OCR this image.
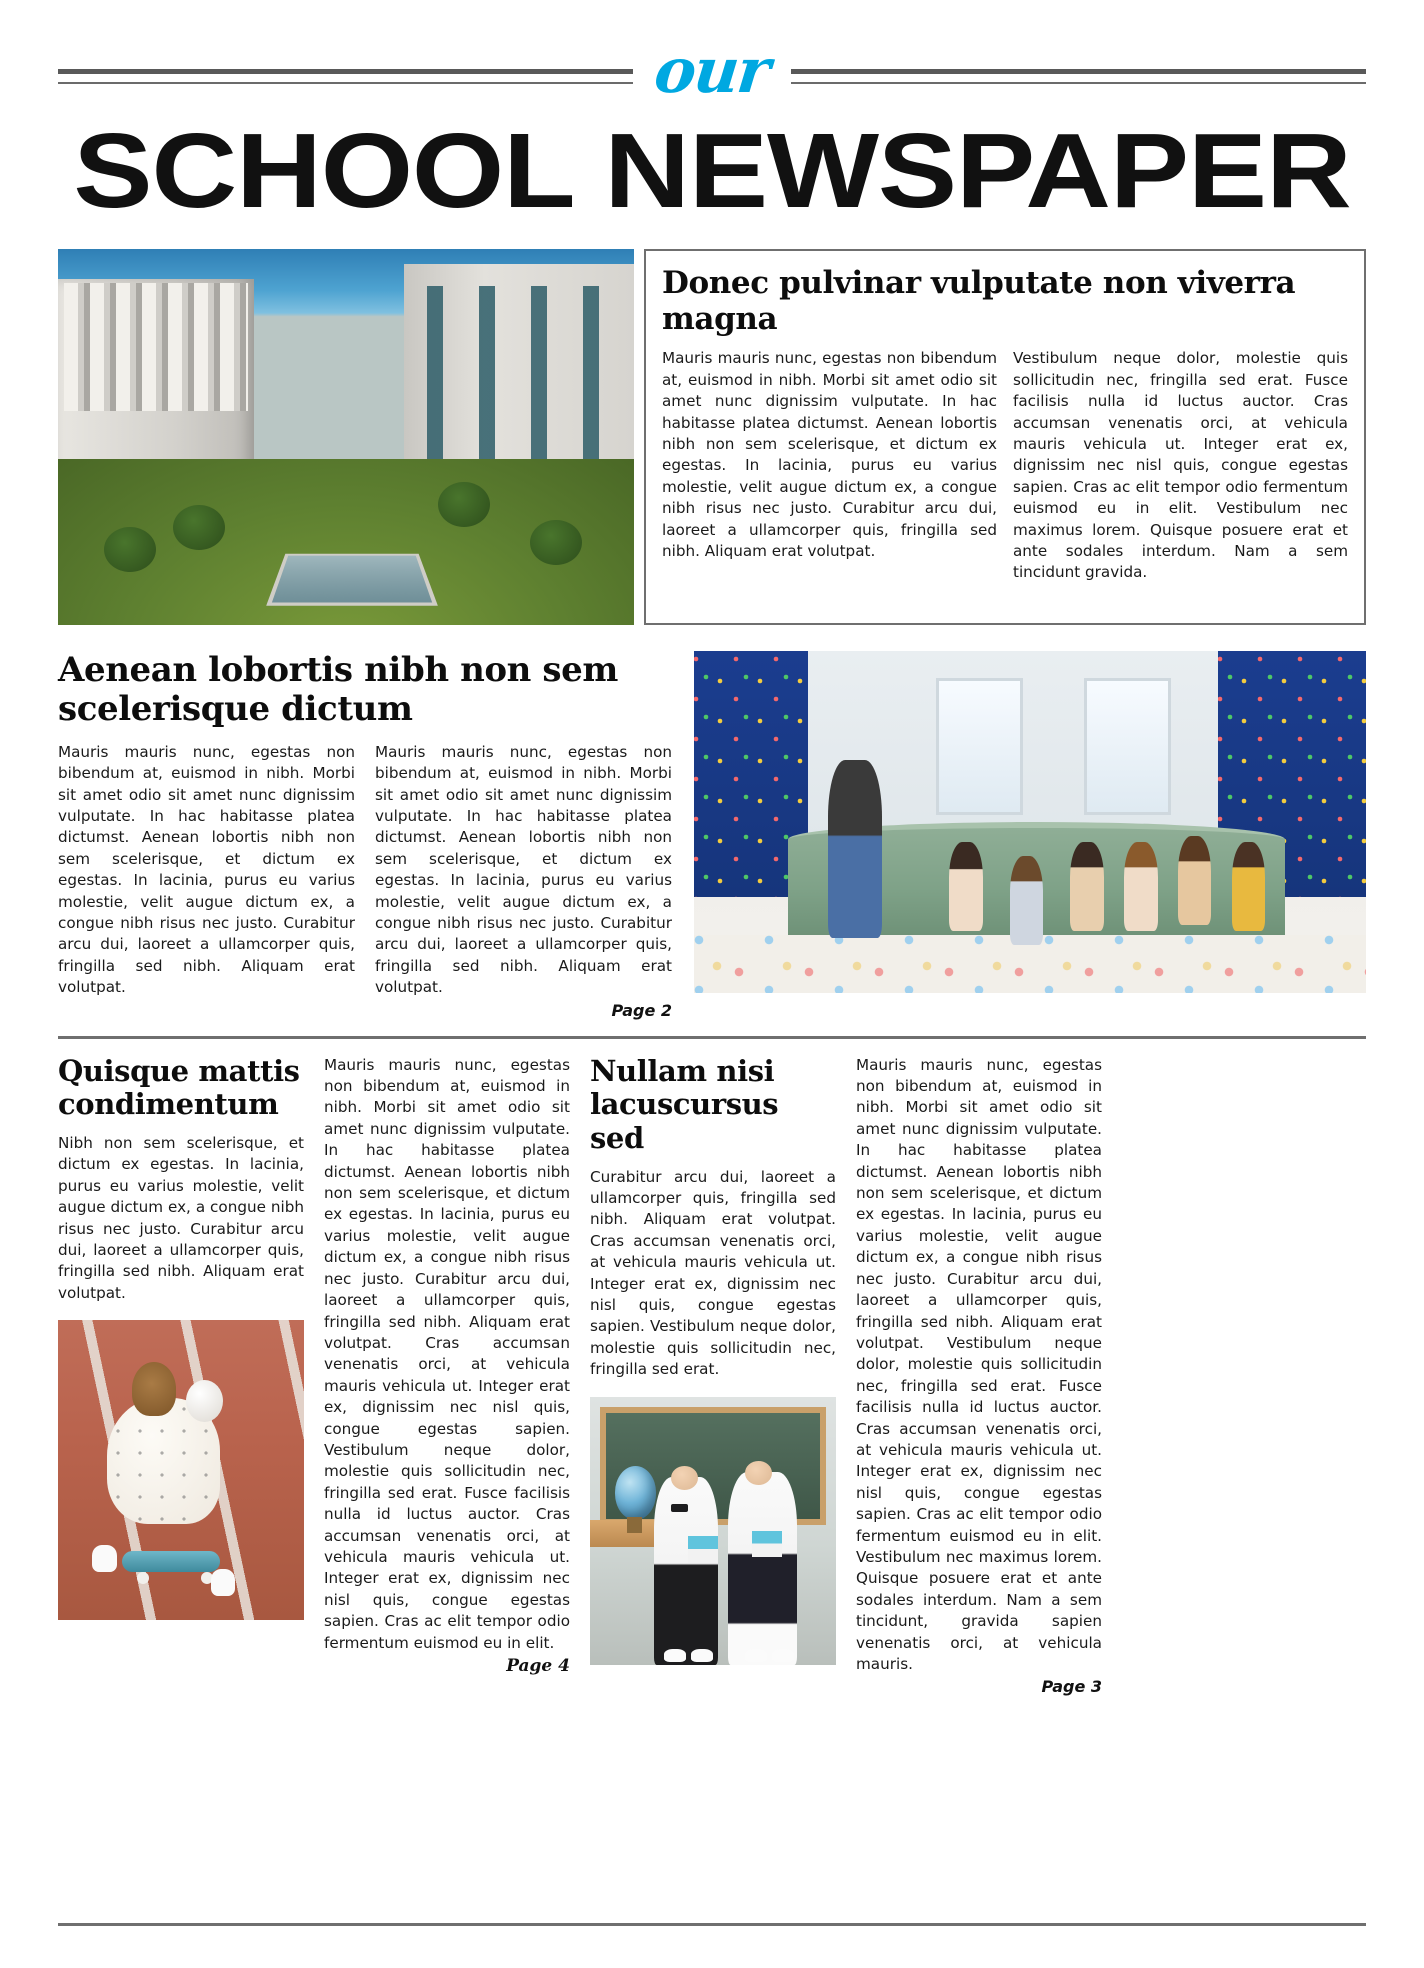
our
SCHOOL NEWSPAPER
Donec pulvinar vulputate non viverra magna
Mauris mauris nunc, egestas non bibendum at, euismod in nibh. Morbi sit amet odio sit amet nunc dignissim vulputate. In hac habitasse platea dictumst. Aenean lobortis nibh non sem scelerisque, et dictum ex egestas. In lacinia, purus eu varius molestie, velit augue dictum ex, a congue nibh risus nec justo. Curabitur arcu dui, laoreet a ullamcorper quis, fringilla sed nibh. Aliquam erat volutpat.
Vestibulum neque dolor, molestie quis sollicitudin nec, fringilla sed erat. Fusce facilisis nulla id luctus auctor. Cras accumsan venenatis orci, at vehicula mauris vehicula ut. Integer erat ex, dignissim nec nisl quis, congue egestas sapien. Cras ac elit tempor odio fermentum euismod eu in elit. Vestibulum nec maximus lorem. Quisque posuere erat et ante sodales interdum. Nam a sem tincidunt gravida.
Aenean lobortis nibh non sem scelerisque dictum
Mauris mauris nunc, egestas non bibendum at, euismod in nibh. Morbi sit amet odio sit amet nunc dignissim vulputate. In hac habitasse platea dictumst. Aenean lobortis nibh non sem scelerisque, et dictum ex egestas. In lacinia, purus eu varius molestie, velit augue dictum ex, a congue nibh risus nec justo. Curabitur arcu dui, laoreet a ullamcorper quis, fringilla sed nibh. Aliquam erat volutpat.
Mauris mauris nunc, egestas non bibendum at, euismod in nibh. Morbi sit amet odio sit amet nunc dignissim vulputate. In hac habitasse platea dictumst. Aenean lobortis nibh non sem scelerisque, et dictum ex egestas. In lacinia, purus eu varius molestie, velit augue dictum ex, a congue nibh risus nec justo. Curabitur arcu dui, laoreet a ullamcorper quis, fringilla sed nibh. Aliquam erat volutpat.
Page 2
Quisque mattis condimentum
Nibh non sem scelerisque, et dictum ex egestas. In lacinia, purus eu varius molestie, velit augue dictum ex, a congue nibh risus nec justo. Curabitur arcu dui, laoreet a ullamcorper quis, fringilla sed nibh. Aliquam erat volutpat.
Mauris mauris nunc, egestas non bibendum at, euismod in nibh. Morbi sit amet odio sit amet nunc dignissim vulputate. In hac habitasse platea dictumst. Aenean lobortis nibh non sem scelerisque, et dictum ex egestas. In lacinia, purus eu varius molestie, velit augue dictum ex, a congue nibh risus nec justo. Curabitur arcu dui, laoreet a ullamcorper quis, fringilla sed nibh. Aliquam erat volutpat. Cras accumsan venenatis orci, at vehicula mauris vehicula ut. Integer erat ex, dignissim nec nisl quis, congue egestas sapien. Vestibulum neque dolor, molestie quis sollicitudin nec, fringilla sed erat. Fusce facilisis nulla id luctus auctor. Cras accumsan venenatis orci, at vehicula mauris vehicula ut. Integer erat ex, dignissim nec nisl quis, congue egestas sapien. Cras ac elit tempor odio fermentum euismod eu in elit.
Page 4
Nullam nisi lacuscursus sed
Curabitur arcu dui, laoreet a ullamcorper quis, fringilla sed nibh. Aliquam erat volutpat. Cras accumsan venenatis orci, at vehicula mauris vehicula ut. Integer erat ex, dignissim nec nisl quis, congue egestas sapien. Vestibulum neque dolor, molestie quis sollicitudin nec, fringilla sed erat.
Mauris mauris nunc, egestas non bibendum at, euismod in nibh. Morbi sit amet odio sit amet nunc dignissim vulputate. In hac habitasse platea dictumst. Aenean lobortis nibh non sem scelerisque, et dictum ex egestas. In lacinia, purus eu varius molestie, velit augue dictum ex, a congue nibh risus nec justo. Curabitur arcu dui, laoreet a ullamcorper quis, fringilla sed nibh. Aliquam erat volutpat. Vestibulum neque dolor, molestie quis sollicitudin nec, fringilla sed erat. Fusce facilisis nulla id luctus auctor. Cras accumsan venenatis orci, at vehicula mauris vehicula ut. Integer erat ex, dignissim nec nisl quis, congue egestas sapien. Cras ac elit tempor odio fermentum euismod eu in elit. Vestibulum nec maximus lorem. Quisque posuere erat et ante sodales interdum. Nam a sem tincidunt, gravida sapien venenatis orci, at vehicula mauris.
Page 3
